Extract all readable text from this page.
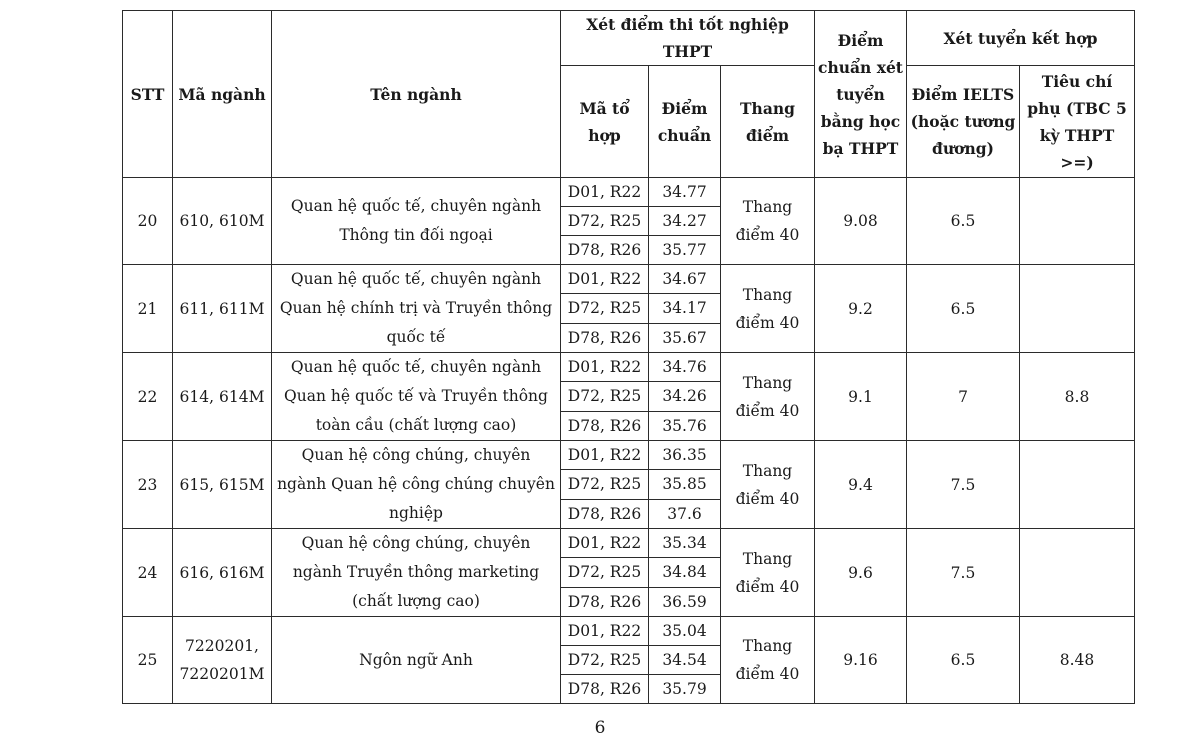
STT	Mã ngành	Tên ngành	Xét điểm thi tốt nghiệp THPT			Điểm chuẩn xét tuyển bằng học bạ THPT	Xét tuyển kết hợp	
			Mã tổ hợp	Điểm chuẩn	Thang điểm		Điểm IELTS (hoặc tương đương)	Tiêu chí phụ (TBC 5 kỳ THPT >=)
20	610, 610M	Quan hệ quốc tế, chuyên ngành Thông tin đối ngoại	D01, R22	34.77	Thang điểm 40	9.08	6.5	
			D72, R25	34.27				
			D78, R26	35.77				
21	611, 611M	Quan hệ quốc tế, chuyên ngành Quan hệ chính trị và Truyền thông quốc tế	D01, R22	34.67	Thang điểm 40	9.2	6.5	
			D72, R25	34.17				
			D78, R26	35.67				
22	614, 614M	Quan hệ quốc tế, chuyên ngành Quan hệ quốc tế và Truyền thông toàn cầu (chất lượng cao)	D01, R22	34.76	Thang điểm 40	9.1	7	8.8
			D72, R25	34.26				
			D78, R26	35.76				
23	615, 615M	Quan hệ công chúng, chuyên ngành Quan hệ công chúng chuyên nghiệp	D01, R22	36.35	Thang điểm 40	9.4	7.5	
			D72, R25	35.85				
			D78, R26	37.6				
24	616, 616M	Quan hệ công chúng, chuyên ngành Truyền thông marketing (chất lượng cao)	D01, R22	35.34	Thang điểm 40	9.6	7.5	
			D72, R25	34.84				
			D78, R26	36.59				
25	7220201, 7220201M	Ngôn ngữ Anh	D01, R22	35.04	Thang điểm 40	9.16	6.5	8.48
			D72, R25	34.54				
			D78, R26	35.79				
6
